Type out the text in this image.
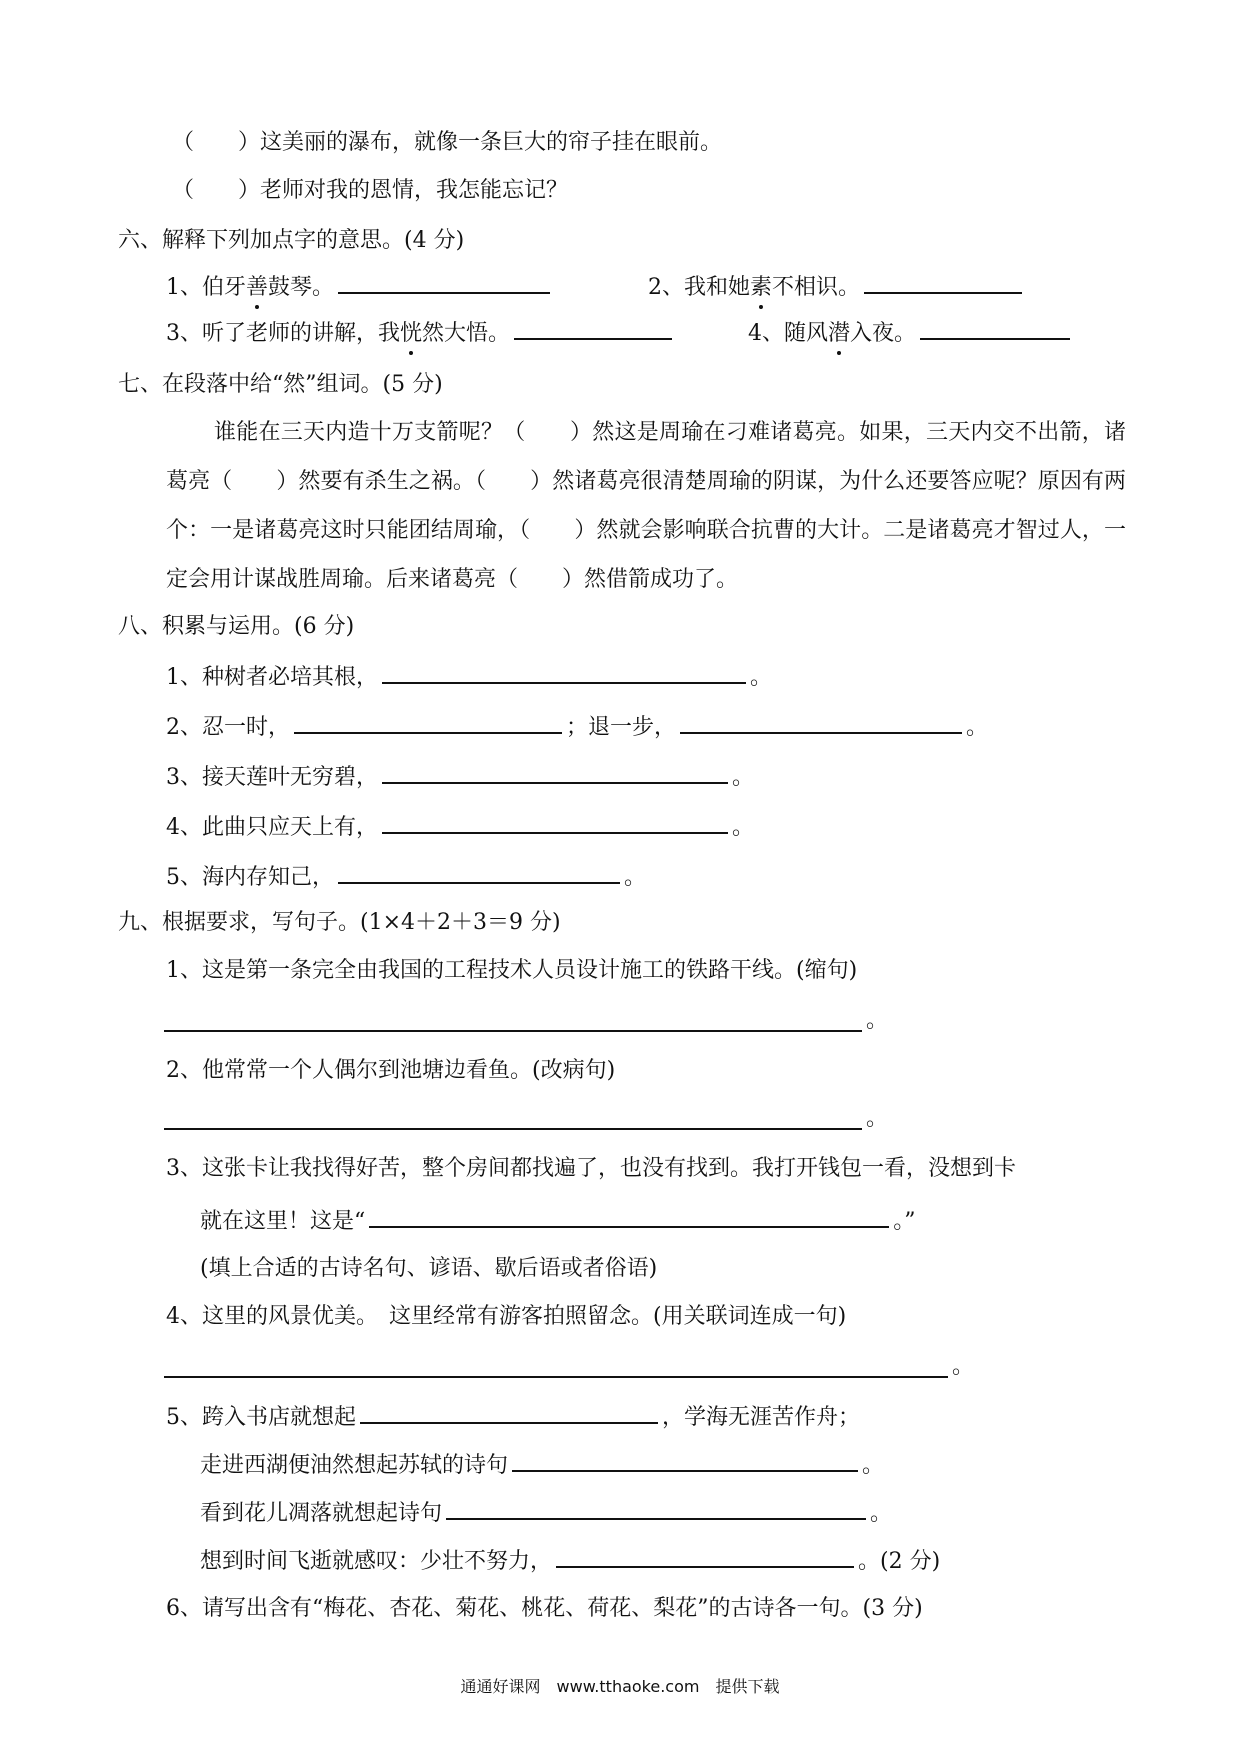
（　　）这美丽的瀑布，就像一条巨大的帘子挂在眼前。
（　　）老师对我的恩情，我怎能忘记？
六、解释下列加点字的意思。(4 分)
1、伯牙善鼓琴。	2、我和她素不相识。
3、听了老师的讲解，我恍然大悟。	4、随风潜入夜。
七、在段落中给“然”组词。(5 分)
谁能在三天内造十万支箭呢？（　　）然这是周瑜在刁难诸葛亮。如果，三天内交不出箭，诸葛亮（　　）然要有杀生之祸。（　　）然诸葛亮很清楚周瑜的阴谋，为什么还要答应呢？原因有两个：一是诸葛亮这时只能团结周瑜，（　　）然就会影响联合抗曹的大计。二是诸葛亮才智过人，一定会用计谋战胜周瑜。后来诸葛亮（　　）然借箭成功了。
八、积累与运用。(6 分)
1、种树者必培其根，	。
2、忍一时，	；退一步，	。
3、接天莲叶无穷碧，	。
4、此曲只应天上有，	。
5、海内存知己，	。
九、根据要求，写句子。(1×4＋2＋3＝9 分)
1、这是第一条完全由我国的工程技术人员设计施工的铁路干线。(缩句)
。
2、他常常一个人偶尔到池塘边看鱼。(改病句)
。
3、这张卡让我找得好苦，整个房间都找遍了，也没有找到。我打开钱包一看，没想到卡
就在这里！这是“	。”
(填上合适的古诗名句、谚语、歇后语或者俗语)
4、这里的风景优美。　这里经常有游客拍照留念。(用关联词连成一句)
。
5、跨入书店就想起	，学海无涯苦作舟；
走进西湖便油然想起苏轼的诗句	。
看到花儿凋落就想起诗句	。
想到时间飞逝就感叹：少壮不努力，	。(2 分)
6、请写出含有“梅花、杏花、菊花、桃花、荷花、梨花”的古诗各一句。(3 分)
通通好课网　www.tthaoke.com　提供下载
